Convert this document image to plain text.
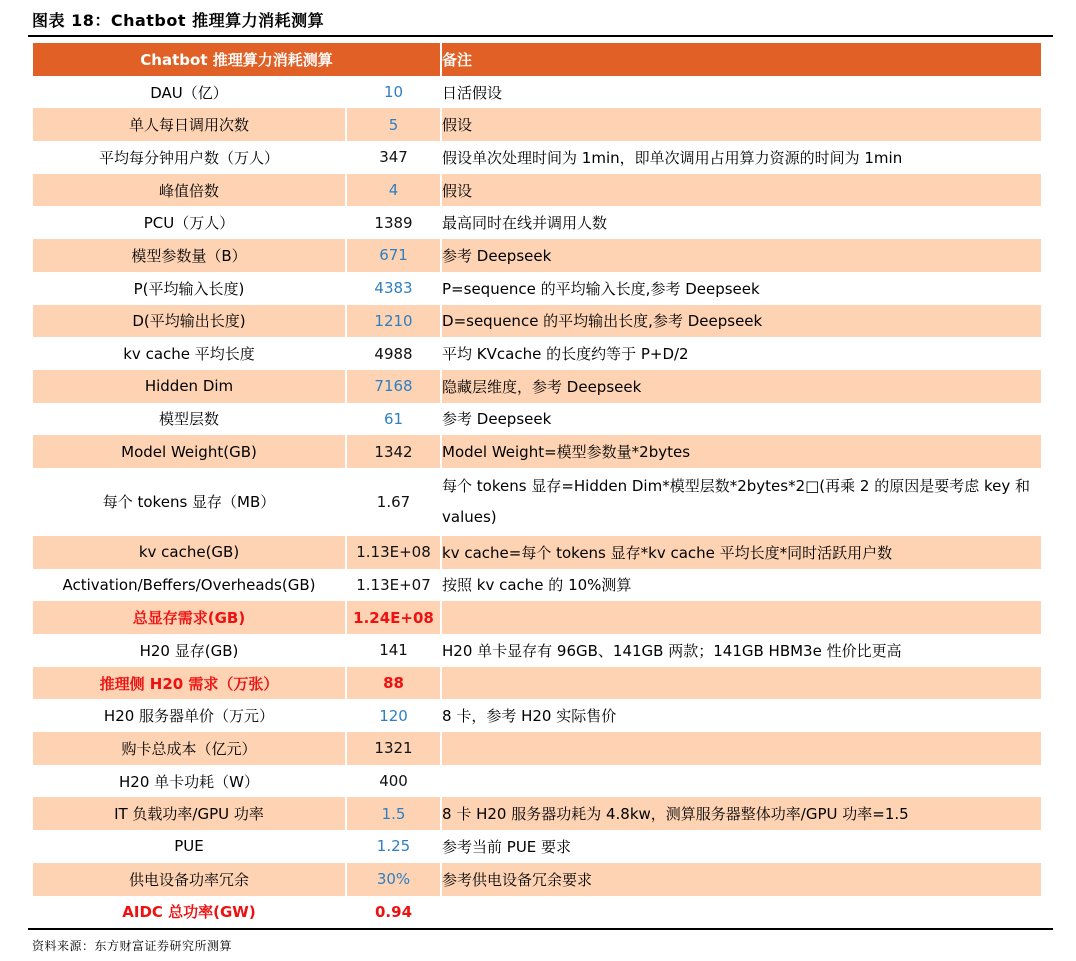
图表 18：Chatbot 推理算力消耗测算
Chatbot 推理算力消耗测算		备注
DAU（亿）	10	日活假设
单人每日调用次数	5	假设
平均每分钟用户数（万人）	347	假设单次处理时间为 1min，即单次调用占用算力资源的时间为 1min
峰值倍数	4	假设
PCU（万人）	1389	最高同时在线并调用人数
模型参数量（B）	671	参考 Deepseek
P(平均输入长度)	4383	P=sequence 的平均输入长度,参考 Deepseek
D(平均输出长度)	1210	D=sequence 的平均输出长度,参考 Deepseek
kv cache 平均长度	4988	平均 KVcache 的长度约等于 P+D/2
Hidden Dim	7168	隐藏层维度，参考 Deepseek
模型层数	61	参考 Deepseek
Model Weight(GB)	1342	Model Weight=模型参数量*2bytes
每个 tokens 显存（MB）	1.67	每个 tokens 显存=Hidden Dim*模型层数*2bytes*2□(再乘 2 的原因是要考虑 key 和 values)
kv cache(GB)	1.13E+08	kv cache=每个 tokens 显存*kv cache 平均长度*同时活跃用户数
Activation/Beffers/Overheads(GB)	1.13E+07	按照 kv cache 的 10%测算
总显存需求(GB)	1.24E+08	
H20 显存(GB)	141	H20 单卡显存有 96GB、141GB 两款；141GB HBM3e 性价比更高
推理侧 H20 需求（万张）	88	
H20 服务器单价（万元）	120	8 卡，参考 H20 实际售价
购卡总成本（亿元）	1321	
H20 单卡功耗（W）	400	
IT 负载功率/GPU 功率	1.5	8 卡 H20 服务器功耗为 4.8kw，测算服务器整体功率/GPU 功率=1.5
PUE	1.25	参考当前 PUE 要求
供电设备功率冗余	30%	参考供电设备冗余要求
AIDC 总功率(GW)	0.94	
资料来源：东方财富证券研究所测算
